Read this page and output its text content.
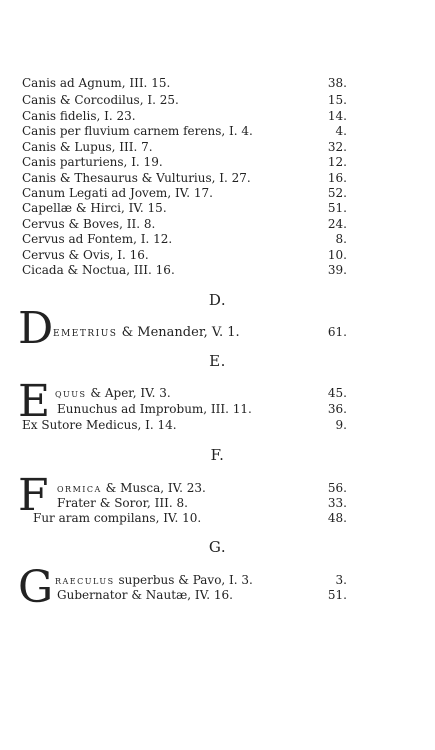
Canis ad Agnum, III. 15.	38.
Canis & Corcodilus, I. 25.	15.
Canis fidelis, I. 23.	14.
Canis per fluvium carnem ferens, I. 4.	4.
Canis & Lupus, III. 7.	32.
Canis parturiens, I. 19.	12.
Canis & Thesaurus & Vulturius, I. 27.	16.
Canum Legati ad Jovem, IV. 17.	52.
Capellæ & Hirci, IV. 15.	51.
Cervus & Boves, II. 8.	24.
Cervus ad Fontem, I. 12.	8.
Cervus & Ovis, I. 16.	10.
Cicada & Noctua, III. 16.	39.
D.
D emetrius & Menander, V. 1.	61.
E.
E quus & Aper, IV. 3.	45.
Eunuchus ad Improbum, III. 11.	36.
Ex Sutore Medicus, I. 14.	9.
F.
F ormica & Musca, IV. 23.	56.
Frater & Soror, III. 8.	33.
Fur aram compilans, IV. 10.	48.
G.
G raeculus superbus & Pavo, I. 3.	3.
Gubernator & Nautæ, IV. 16.	51.
